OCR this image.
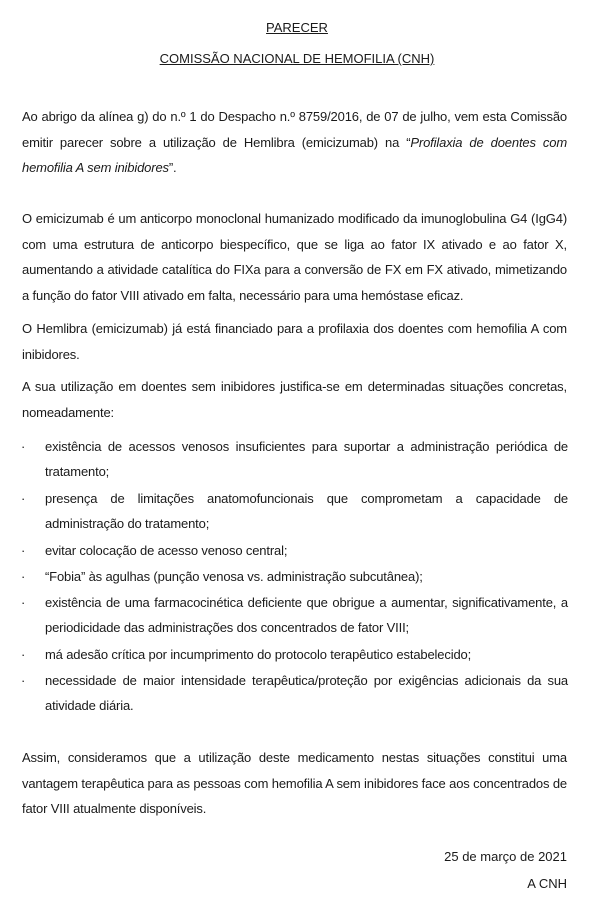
PARECER
COMISSÃO NACIONAL DE HEMOFILIA (CNH)
Ao abrigo da alínea g) do n.º 1 do Despacho n.º 8759/2016, de 07 de julho, vem esta Comissão emitir parecer sobre a utilização de Hemlibra (emicizumab) na “Profilaxia de doentes com hemofilia A sem inibidores”.
O emicizumab é um anticorpo monoclonal humanizado modificado da imunoglobulina G4 (IgG4) com uma estrutura de anticorpo biespecífico, que se liga ao fator IX ativado e ao fator X, aumentando a atividade catalítica do FIXa para a conversão de FX em FX ativado, mimetizando a função do fator VIII ativado em falta, necessário para uma hemóstase eficaz.
O Hemlibra (emicizumab) já está financiado para a profilaxia dos doentes com hemofilia A com inibidores.
A sua utilização em doentes sem inibidores justifica-se em determinadas situações concretas, nomeadamente:
· existência de acessos venosos insuficientes para suportar a administração periódica de tratamento;
· presença de limitações anatomofuncionais que comprometam a capacidade de administração do tratamento;
· evitar colocação de acesso venoso central;
· “Fobia” às agulhas (punção venosa vs. administração subcutânea);
· existência de uma farmacocinética deficiente que obrigue a aumentar, significativamente, a periodicidade das administrações dos concentrados de fator VIII;
· má adesão crítica por incumprimento do protocolo terapêutico estabelecido;
· necessidade de maior intensidade terapêutica/proteção por exigências adicionais da sua atividade diária.
Assim, consideramos que a utilização deste medicamento nestas situações constitui uma vantagem terapêutica para as pessoas com hemofilia A sem inibidores face aos concentrados de fator VIII atualmente disponíveis.
25 de março de 2021
A CNH
